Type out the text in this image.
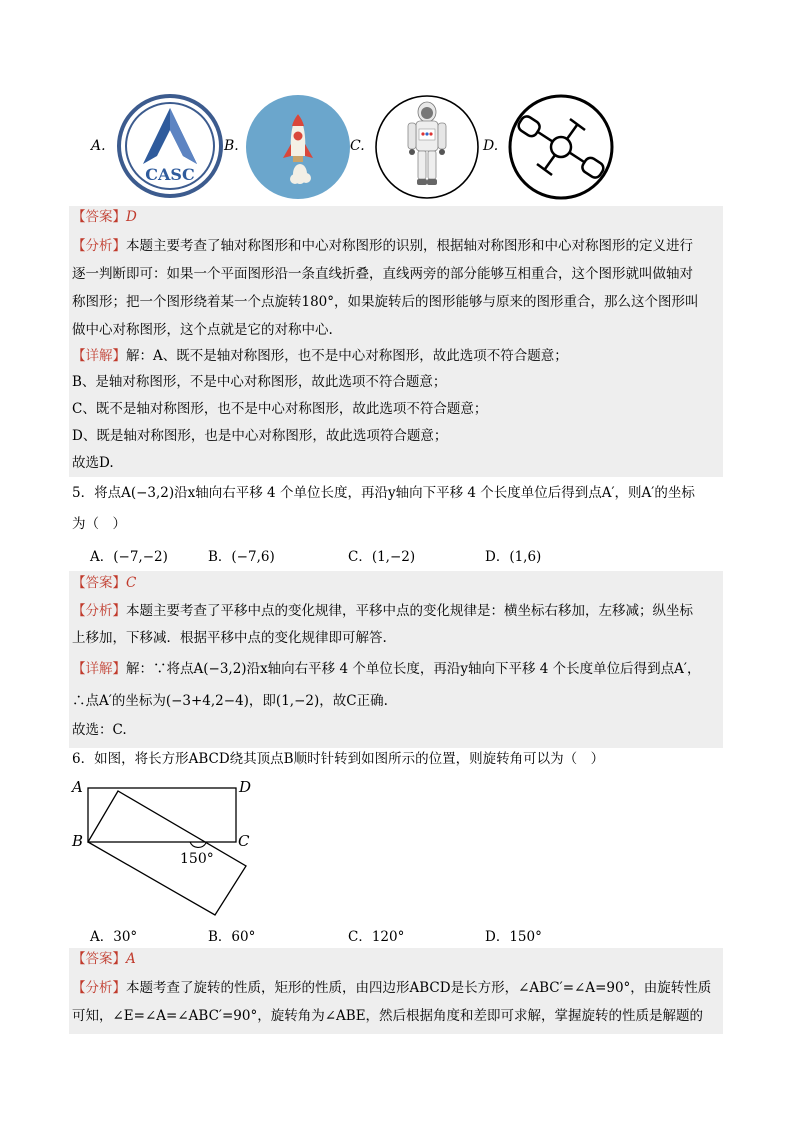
A.
CASC
B.	C.	D.
【答案】D
【分析】本题主要考查了轴对称图形和中心对称图形的识别，根据轴对称图形和中心对称图形的定义进行
逐一判断即可：如果一个平面图形沿一条直线折叠，直线两旁的部分能够互相重合，这个图形就叫做轴对
称图形；把一个图形绕着某一个点旋转180°，如果旋转后的图形能够与原来的图形重合，那么这个图形叫
做中心对称图形，这个点就是它的对称中心.
【详解】解：A、既不是轴对称图形，也不是中心对称图形，故此选项不符合题意；
B、是轴对称图形，不是中心对称图形，故此选项不符合题意；
C、既不是轴对称图形，也不是中心对称图形，故此选项不符合题意；
D、既是轴对称图形，也是中心对称图形，故此选项符合题意；
故选D.
5．将点A(−3,2)沿x轴向右平移 4 个单位长度，再沿y轴向下平移 4 个长度单位后得到点A′，则A′的坐标
为（　）
A．(−7,−2)	B．(−7,6)	C．(1,−2)	D．(1,6)
【答案】C
【分析】本题主要考查了平移中点的变化规律，平移中点的变化规律是：横坐标右移加，左移减；纵坐标
上移加，下移减．根据平移中点的变化规律即可解答.
【详解】解：∵将点A(−3,2)沿x轴向右平移 4 个单位长度，再沿y轴向下平移 4 个长度单位后得到点A′，
∴点A′的坐标为(−3+4,2−4)，即(1,−2)，故C正确.
故选：C.
6．如图，将长方形ABCD绕其顶点B顺时针转到如图所示的位置，则旋转角可以为（　）
A	D
B	C
150°
A．30°	B．60°	C．120°	D．150°
【答案】A
【分析】本题考查了旋转的性质，矩形的性质，由四边形ABCD是长方形，∠ABC′=∠A=90°，由旋转性质
可知，∠E=∠A=∠ABC′=90°，旋转角为∠ABE，然后根据角度和差即可求解，掌握旋转的性质是解题的
